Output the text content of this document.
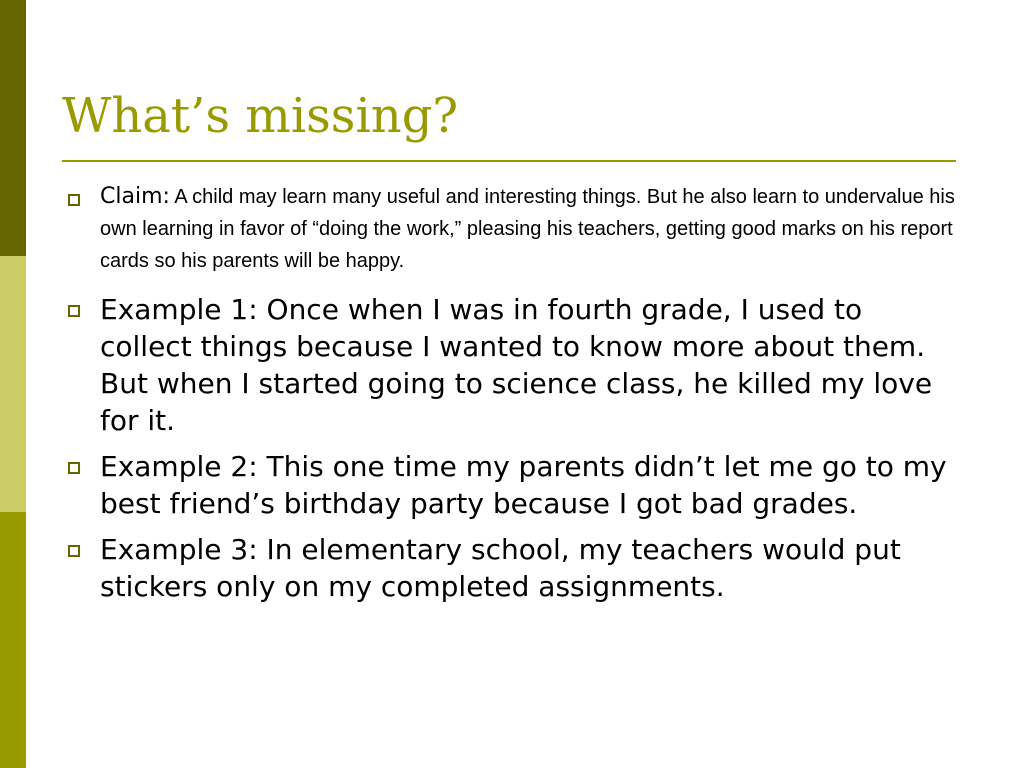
What’s missing?
Claim: A child may learn many useful and interesting things. But he also learn to undervalue his own learning in favor of “doing the work,” pleasing his teachers, getting good marks on his report cards so his parents will be happy.
Example 1: Once when I was in fourth grade, I used to collect things because I wanted to know more about them. But when I started going to science class, he killed my love for it.
Example 2: This one time my parents didn’t let me go to my best friend’s birthday party because I got bad grades.
Example 3: In elementary school, my teachers would put stickers only on my completed assignments.
